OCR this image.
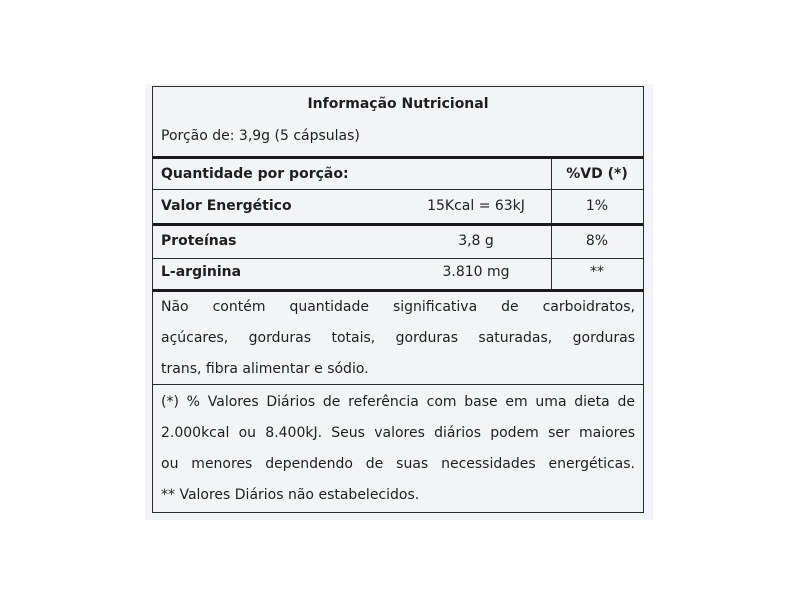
Informação Nutricional
Porção de: 3,9g (5 cápsulas)
Quantidade por porção:	%VD (*)
Valor Energético	15Kcal = 63kJ	1%
Proteínas	3,8 g	8%
L-arginina	3.810 mg	**
Não contém quantidade significativa de carboidratos,
açúcares, gorduras totais, gorduras saturadas, gorduras
trans, fibra alimentar e sódio.
(*) % Valores Diários de referência com base em uma dieta de
2.000kcal ou 8.400kJ. Seus valores diários podem ser maiores
ou menores dependendo de suas necessidades energéticas.
** Valores Diários não estabelecidos.
